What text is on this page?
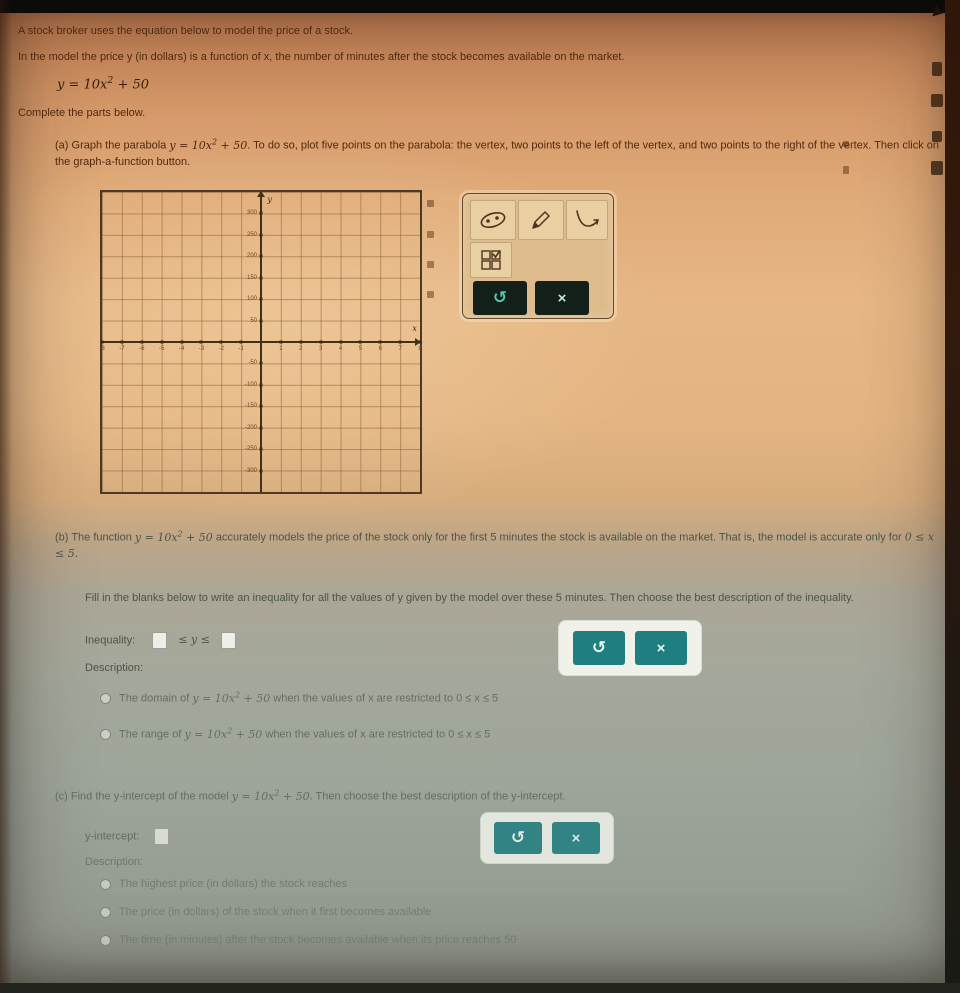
A stock broker uses the equation below to model the price of a stock.
In the model the price y (in dollars) is a function of x, the number of minutes after the stock becomes available on the market.
$y = 10x^2 + 50$
Complete the parts below.
(a) Graph the parabola $y = 10x^2 + 50$. To do so, plot five points on the parabola: the vertex, two points to the left of the vertex, and two points to the right of the vertex. Then click on the graph-a-function button.
y
x
-8 -7 -6 -5 -4 -3 -2 -1	1	2	3	4	5	6	7	8
300
250
200
150
100
50
-50
-100
-150
-200
-250
-300
↺	×
(b) The function $y = 10x^2 + 50$ accurately models the price of the stock only for the first 5 minutes the stock is available on the market. That is, the model is accurate only for 0 ≤ x ≤ 5.
Fill in the blanks below to write an inequality for all the values of y given by the model over these 5 minutes. Then choose the best description of the inequality.
Inequality:	≤ y ≤	↺	×
Description:
The domain of $y = 10x^2 + 50$ when the values of x are restricted to 0 ≤ x ≤ 5
The range of $y = 10x^2 + 50$ when the values of x are restricted to 0 ≤ x ≤ 5
(c) Find the y-intercept of the model $y = 10x^2 + 50$. Then choose the best description of the y-intercept.
y-intercept:	↺	×
Description:
The highest price (in dollars) the stock reaches
The price (in dollars) of the stock when it first becomes available
The time (in minutes) after the stock becomes available when its price reaches 50
